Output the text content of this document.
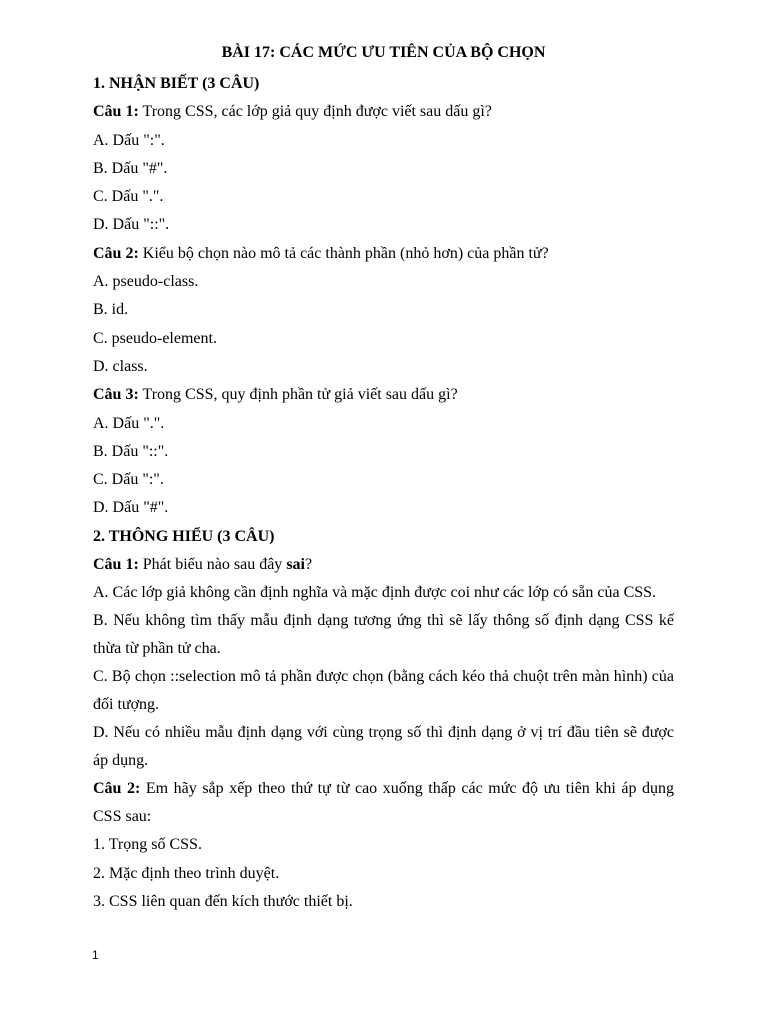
BÀI 17: CÁC MỨC ƯU TIÊN CỦA BỘ CHỌN
1. NHẬN BIẾT (3 CÂU)
Câu 1: Trong CSS, các lớp giả quy định được viết sau dấu gì?
A. Dấu ":".
B. Dấu "#".
C. Dấu ".".
D. Dấu "::".
Câu 2: Kiểu bộ chọn nào mô tả các thành phần (nhỏ hơn) của phần tử?
A. pseudo-class.
B. id.
C. pseudo-element.
D. class.
Câu 3: Trong CSS, quy định phần tử giả viết sau dấu gì?
A. Dấu ".".
B. Dấu "::".
C. Dấu ":".
D. Dấu "#".
2. THÔNG HIỂU (3 CÂU)
Câu 1: Phát biểu nào sau đây sai?
A. Các lớp giả không cần định nghĩa và mặc định được coi như các lớp có sẵn của CSS.
B. Nếu không tìm thấy mẫu định dạng tương ứng thì sẽ lấy thông số định dạng CSS kế thừa từ phần tử cha.
C. Bộ chọn ::selection mô tả phần được chọn (bằng cách kéo thả chuột trên màn hình) của đối tượng.
D. Nếu có nhiều mẫu định dạng với cùng trọng số thì định dạng ở vị trí đầu tiên sẽ được áp dụng.
Câu 2: Em hãy sắp xếp theo thứ tự từ cao xuống thấp các mức độ ưu tiên khi áp dụng CSS sau:
1. Trọng số CSS.
2. Mặc định theo trình duyệt.
3. CSS liên quan đến kích thước thiết bị.
1
